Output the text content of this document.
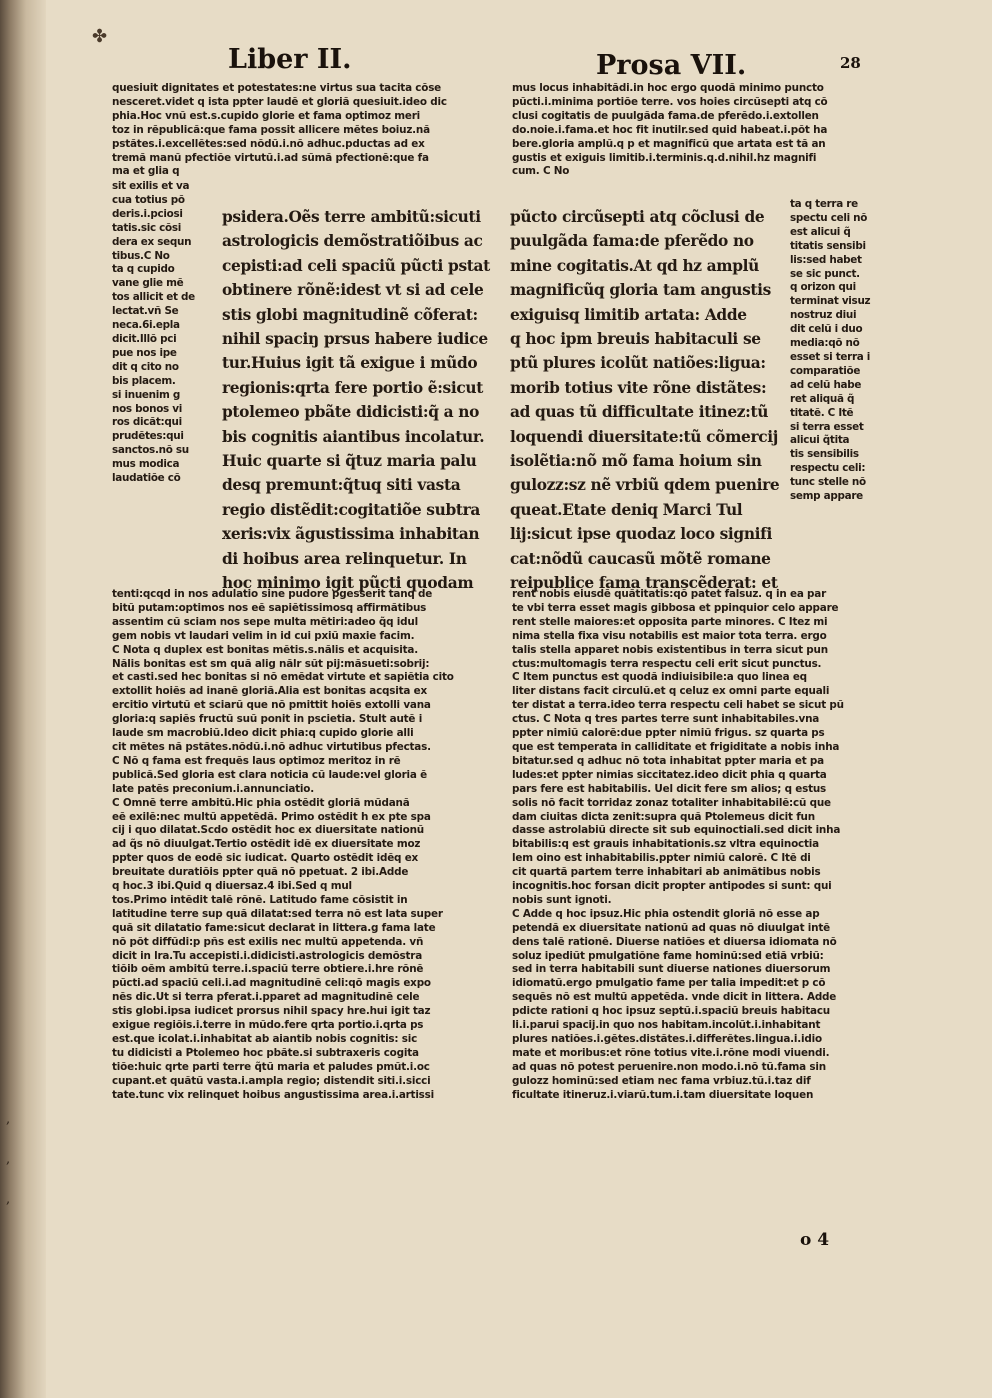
,
,
,
✤
Liber II.	Prosa VII.	28
quesiuit dignitates et potestates:ne virtus sua tacita cõse
nesceret.videt q ista ppter laudẽ et gloriã quesiuit.ideo dic
phia.Hoc vnũ est.s.cupido glorie et fama optimoz meri
toz in rẽpublicã:que fama possit allicere mẽtes boiuz.nã
pstãtes.i.excellẽtes:sed nõdũ.i.nõ adhuc.pductas ad ex
tremã manũ pfectiõe virtutũ.i.ad sũmã pfectionẽ:que fa
ma et glia q
sit exilis et va
cua totius põ
deris.i.pciosi
tatis.sic cõsi
dera ex sequn
tibus.C No
ta q cupido
vane glie mẽ
tos allicit et de
lectat.vñ Se
neca.6i.epla
dicit.Illõ pci
pue nos ipe
dit q cito no
bis placem.
si inuenim g
nos bonos vi
ros dicãt:qui
prudẽtes:qui
sanctos.nõ su
mus modica
laudatiõe cõ
psidera.Oẽs terre ambitũ:sicuti
astrologicis demõstratiõibus ac
cepisti:ad celi spaciũ pũcti pstat
obtinere rõnẽ:idest vt si ad cele
stis globi magnitudinẽ cõferat:
nihil spaciŋ prsus habere iudice
tur.Huius igit tã exigue i mũdo
regionis:qrta fere portio ẽ:sicut
ptolemeo pbãte didicisti:q̃ a no
bis cognitis aiantibus incolatur.
Huic quarte si q̃tuz maria palu
desq premunt:q̃tuq siti vasta
regio distẽdit:cogitatiõe subtra
xeris:vix ãgustissima inhabitan
di hoibus area relinquetur. In
hoc minimo igit pũcti quodam
tenti:qcqd in nos adulatio sine pudore pgesserit tanq de
bitũ putam:optimos nos eẽ sapiẽtissimosq affirmãtibus
assentim cũ sciam nos sepe multa mẽtiri:adeo q̃q idul
gem nobis vt laudari velim in id cui pxiũ maxie facim.
C Nota q duplex est bonitas mẽtis.s.nãlis et acquisita.
Nãlis bonitas est sm quã alig nãlr sũt pij:mãsueti:sobrij:
et casti.sed hec bonitas si nõ emẽdat virtute et sapiẽtia cito
extollit hoiẽs ad inanẽ gloriã.Alia est bonitas acqsita ex
ercitio virtutũ et sciarũ que nõ pmittit hoiẽs extolli vana
gloria:q sapiẽs fructũ suũ ponit in pscietia. Stult autẽ i
laude sm macrobiũ.Ideo dicit phia:q cupido glorie alli
cit mẽtes nã pstãtes.nõdũ.i.nõ adhuc virtutibus pfectas.
C Nõ q fama est frequẽs laus optimoz meritoz in rẽ
publicã.Sed gloria est clara noticia cũ laude:vel gloria ẽ
late patẽs preconium.i.annunciatio.
C Omnẽ terre ambitũ.Hic phia ostẽdit gloriã mũdanã
eẽ exilẽ:nec multũ appetẽdã. Primo ostẽdit h ex pte spa
cij i quo dilatat.Scdo ostẽdit hoc ex diuersitate nationũ
ad q̃s nõ diuulgat.Tertio ostẽdit idẽ ex diuersitate moz
ppter quos de eodẽ sic iudicat. Quarto ostẽdit idẽq ex
breuitate duratiõis ppter quã nõ ppetuat. 2 ibi.Adde
q hoc.3 ibi.Quid q diuersaz.4 ibi.Sed q mul
tos.Primo intẽdit talẽ rõnẽ. Latitudo fame cõsistit in
latitudine terre sup quã dilatat:sed terra nõ est lata super
quã sit dilatatio fame:sicut declarat in littera.g fama late
nõ põt diffũdi:p pñs est exilis nec multũ appetenda. vñ
dicit in lra.Tu accepisti.i.didicisti.astrologicis demõstra
tiõib oẽm ambitũ terre.i.spaciũ terre obtiere.i.hre rõnẽ
pũcti.ad spaciũ celi.i.ad magnitudinẽ celi:qõ magis expo
nẽs dic.Ut si terra pferat.i.pparet ad magnitudinẽ cele
stis globi.ipsa iudicet prorsus nihil spacy hre.hui igit taz
exigue regiõis.i.terre in mũdo.fere qrta portio.i.qrta ps
est.que icolat.i.inhabitat ab aiantib nobis cognitis: sic
tu didicisti a Ptolemeo hoc pbãte.si subtraxeris cogita
tiõe:huic qrte parti terre q̃tũ maria et paludes pmũt.i.oc
cupant.et quãtũ vasta.i.ampla regio; distendit siti.i.sicci
tate.tunc vix relinquet hoibus angustissima area.i.artissi
mus locus inhabitãdi.in hoc ergo quodã minimo puncto
pũcti.i.minima portiõe terre. vos hoies circũsepti atq cõ
clusi cogitatis de puulgãda fama.de pferẽdo.i.extollen
do.noie.i.fama.et hoc fit inutilr.sed quid habeat.i.põt ha
bere.gloria amplũ.q p et magnificũ que artata est tã an
gustis et exiguis limitib.i.terminis.q.d.nihil.hz magnifi
cum. C No
pũcto circũsepti atq cõclusi de
puulgãda fama:de pferẽdo no
mine cogitatis.At qd hz amplũ
magnificũq gloria tam angustis
exiguisq limitib artata: Adde
q hoc ipm breuis habitaculi se
ptũ plures icolũt natiões:ligua:
morib totius vite rõne distãtes:
ad quas tũ difficultate itinez:tũ
loquendi diuersitate:tũ cõmercij
isolẽtia:nõ mõ fama hoium sin
gulozz:sz nẽ vrbiũ qdem puenire
queat.Etate deniq Marci Tul
lij:sicut ipse quodaz loco signifi
cat:nõdũ caucasũ mõtẽ romane
reipublice fama transcẽderat: et
ta q terra re
spectu celi nõ
est alicui q̃
titatis sensibi
lis:sed habet
se sic punct.
q orizon qui
terminat visuz
nostruz diui
dit celũ i duo
media:qõ nõ
esset si terra i
comparatiõe
ad celũ habe
ret aliquã q̃
titatẽ. C Itẽ
si terra esset
alicui q̃tita
tis sensibilis
respectu celi:
tunc stelle nõ
semp appare
rent nobis eiusdẽ quãtitatis:qõ patet falsuz. q in ea par
te vbi terra esset magis gibbosa et ppinquior celo appare
rent stelle maiores:et opposita parte minores. C Itez mi
nima stella fixa visu notabilis est maior tota terra. ergo
talis stella apparet nobis existentibus in terra sicut pun
ctus:multomagis terra respectu celi erit sicut punctus.
C Item punctus est quodã indiuisibile:a quo linea eq
liter distans facit circulũ.et q celuz ex omni parte equali
ter distat a terra.ideo terra respectu celi habet se sicut pũ
ctus. C Nota q tres partes terre sunt inhabitabiles.vna
ppter nimiũ calorẽ:due ppter nimiũ frigus. sz quarta ps
que est temperata in calliditate et frigiditate a nobis inha
bitatur.sed q adhuc nõ tota inhabitat ppter maria et pa
ludes:et ppter nimias siccitatez.ideo dicit phia q quarta
pars fere est habitabilis. Uel dicit fere sm alios; q estus
solis nõ facit torridaz zonaz totaliter inhabitabilẽ:cũ que
dam ciuitas dicta zenit:supra quã Ptolemeus dicit fun
dasse astrolabiũ directe sit sub equinoctiali.sed dicit inha
bitabilis:q est grauis inhabitationis.sz vltra equinoctia
lem oino est inhabitabilis.ppter nimiũ calorẽ. C Itẽ di
cit quartã partem terre inhabitari ab animãtibus nobis
incognitis.hoc forsan dicit propter antipodes si sunt: qui
nobis sunt ignoti.
C Adde q hoc ipsuz.Hic phia ostendit gloriã nõ esse ap
petendã ex diuersitate nationũ ad quas nõ diuulgat intẽ
dens talẽ rationẽ. Diuerse natiões et diuersa idiomata nõ
soluz ipediũt pmulgatiõne fame hominũ:sed etiã vrbiũ:
sed in terra habitabili sunt diuerse nationes diuersorum
idiomatũ.ergo pmulgatio fame per talia impedit:et p cõ
sequẽs nõ est multũ appetẽda. vnde dicit in littera. Adde
pdicte rationi q hoc ipsuz septũ.i.spaciũ breuis habitacu
li.i.parui spacij.in quo nos habitam.incolũt.i.inhabitant
plures natiões.i.gẽtes.distãtes.i.differẽtes.lingua.i.idio
mate et moribus:et rõne totius vite.i.rõne modi viuendi.
ad quas nõ potest peruenire.non modo.i.nõ tũ.fama sin
gulozz hominũ:sed etiam nec fama vrbiuz.tũ.i.taz dif
ficultate itineruz.i.viarũ.tum.i.tam diuersitate loquen
o 4
